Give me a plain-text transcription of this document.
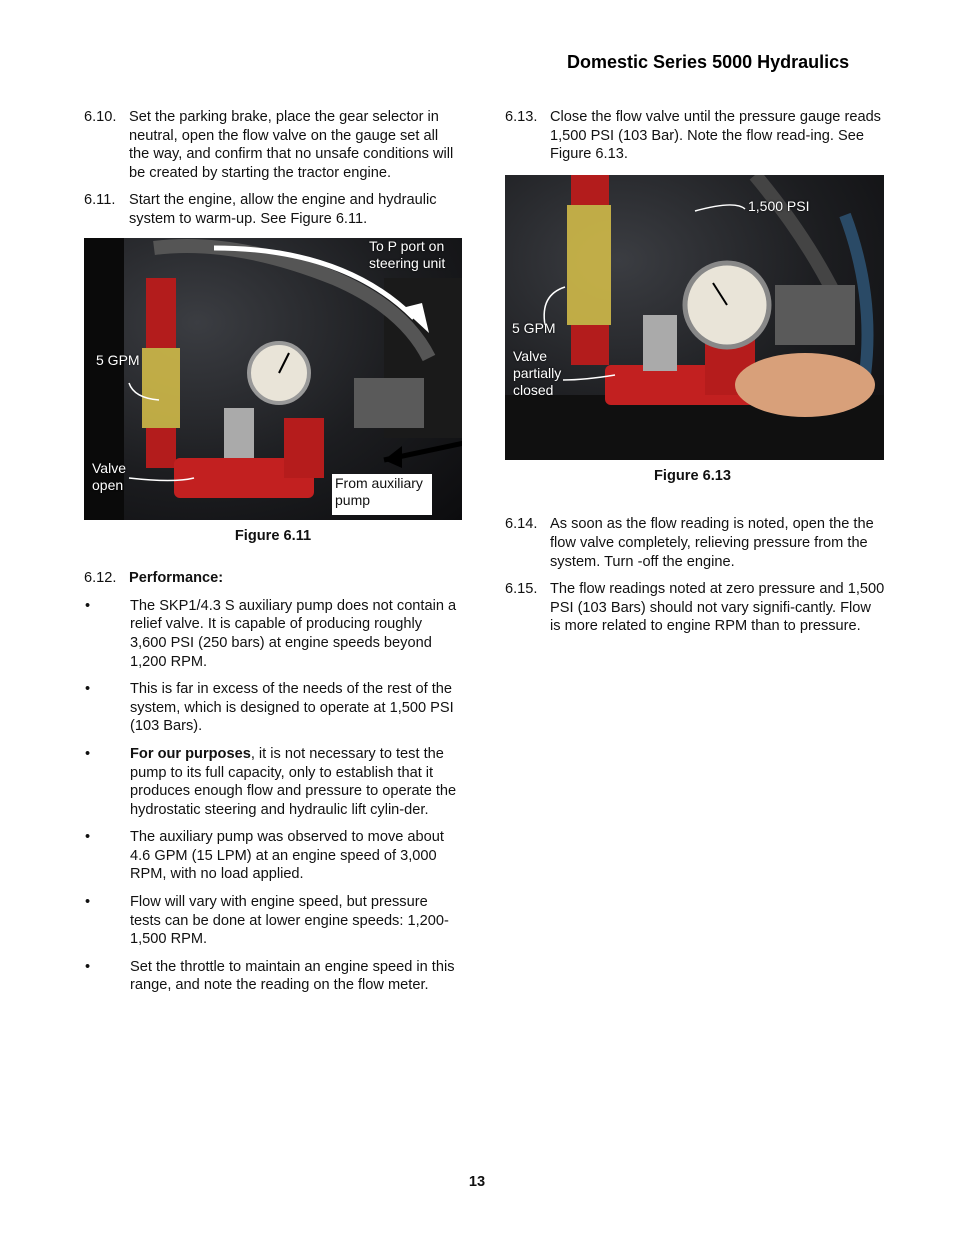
Domestic Series 5000 Hydraulics
6.10. Set the parking brake, place the gear selector in neutral, open the flow valve on the gauge set all the way, and confirm that no unsafe conditions will be created by starting the tractor engine.
6.11. Start the engine, allow the engine and hydraulic system to warm-up. See Figure 6.11.
To P port on steering unit
5 GPM
Valve open	From auxiliary pump
Figure 6.11
6.12. Performance:
•	The SKP1/4.3 S auxiliary pump does not contain a relief valve. It is capable of producing roughly 3,600 PSI (250 bars) at engine speeds beyond 1,200 RPM.
•	This is far in excess of the needs of the rest of the system, which is designed to operate at 1,500 PSI (103 Bars).
•	For our purposes, it is not necessary to test the pump to its full capacity, only to establish that it produces enough flow and pressure to operate the hydrostatic steering and hydraulic lift cylin-der.
•	The auxiliary pump was observed to move about 4.6 GPM (15 LPM) at an engine speed of 3,000 RPM, with no load applied.
•	Flow will vary with engine speed, but pressure tests can be done at lower engine speeds: 1,200-1,500 RPM.
•	Set the throttle to maintain an engine speed in this range, and note the reading on the flow meter.
6.13. Close the flow valve until the pressure gauge reads 1,500 PSI (103 Bar). Note the flow read-ing. See Figure 6.13.
1,500 PSI
5 GPM
Valve partially closed
Figure 6.13
6.14. As soon as the flow reading is noted, open the the flow valve completely, relieving pressure from the system. Turn -off the engine.
6.15. The flow readings noted at zero pressure and 1,500 PSI (103 Bars) should not vary signifi-cantly. Flow is more related to engine RPM than to pressure.
13
